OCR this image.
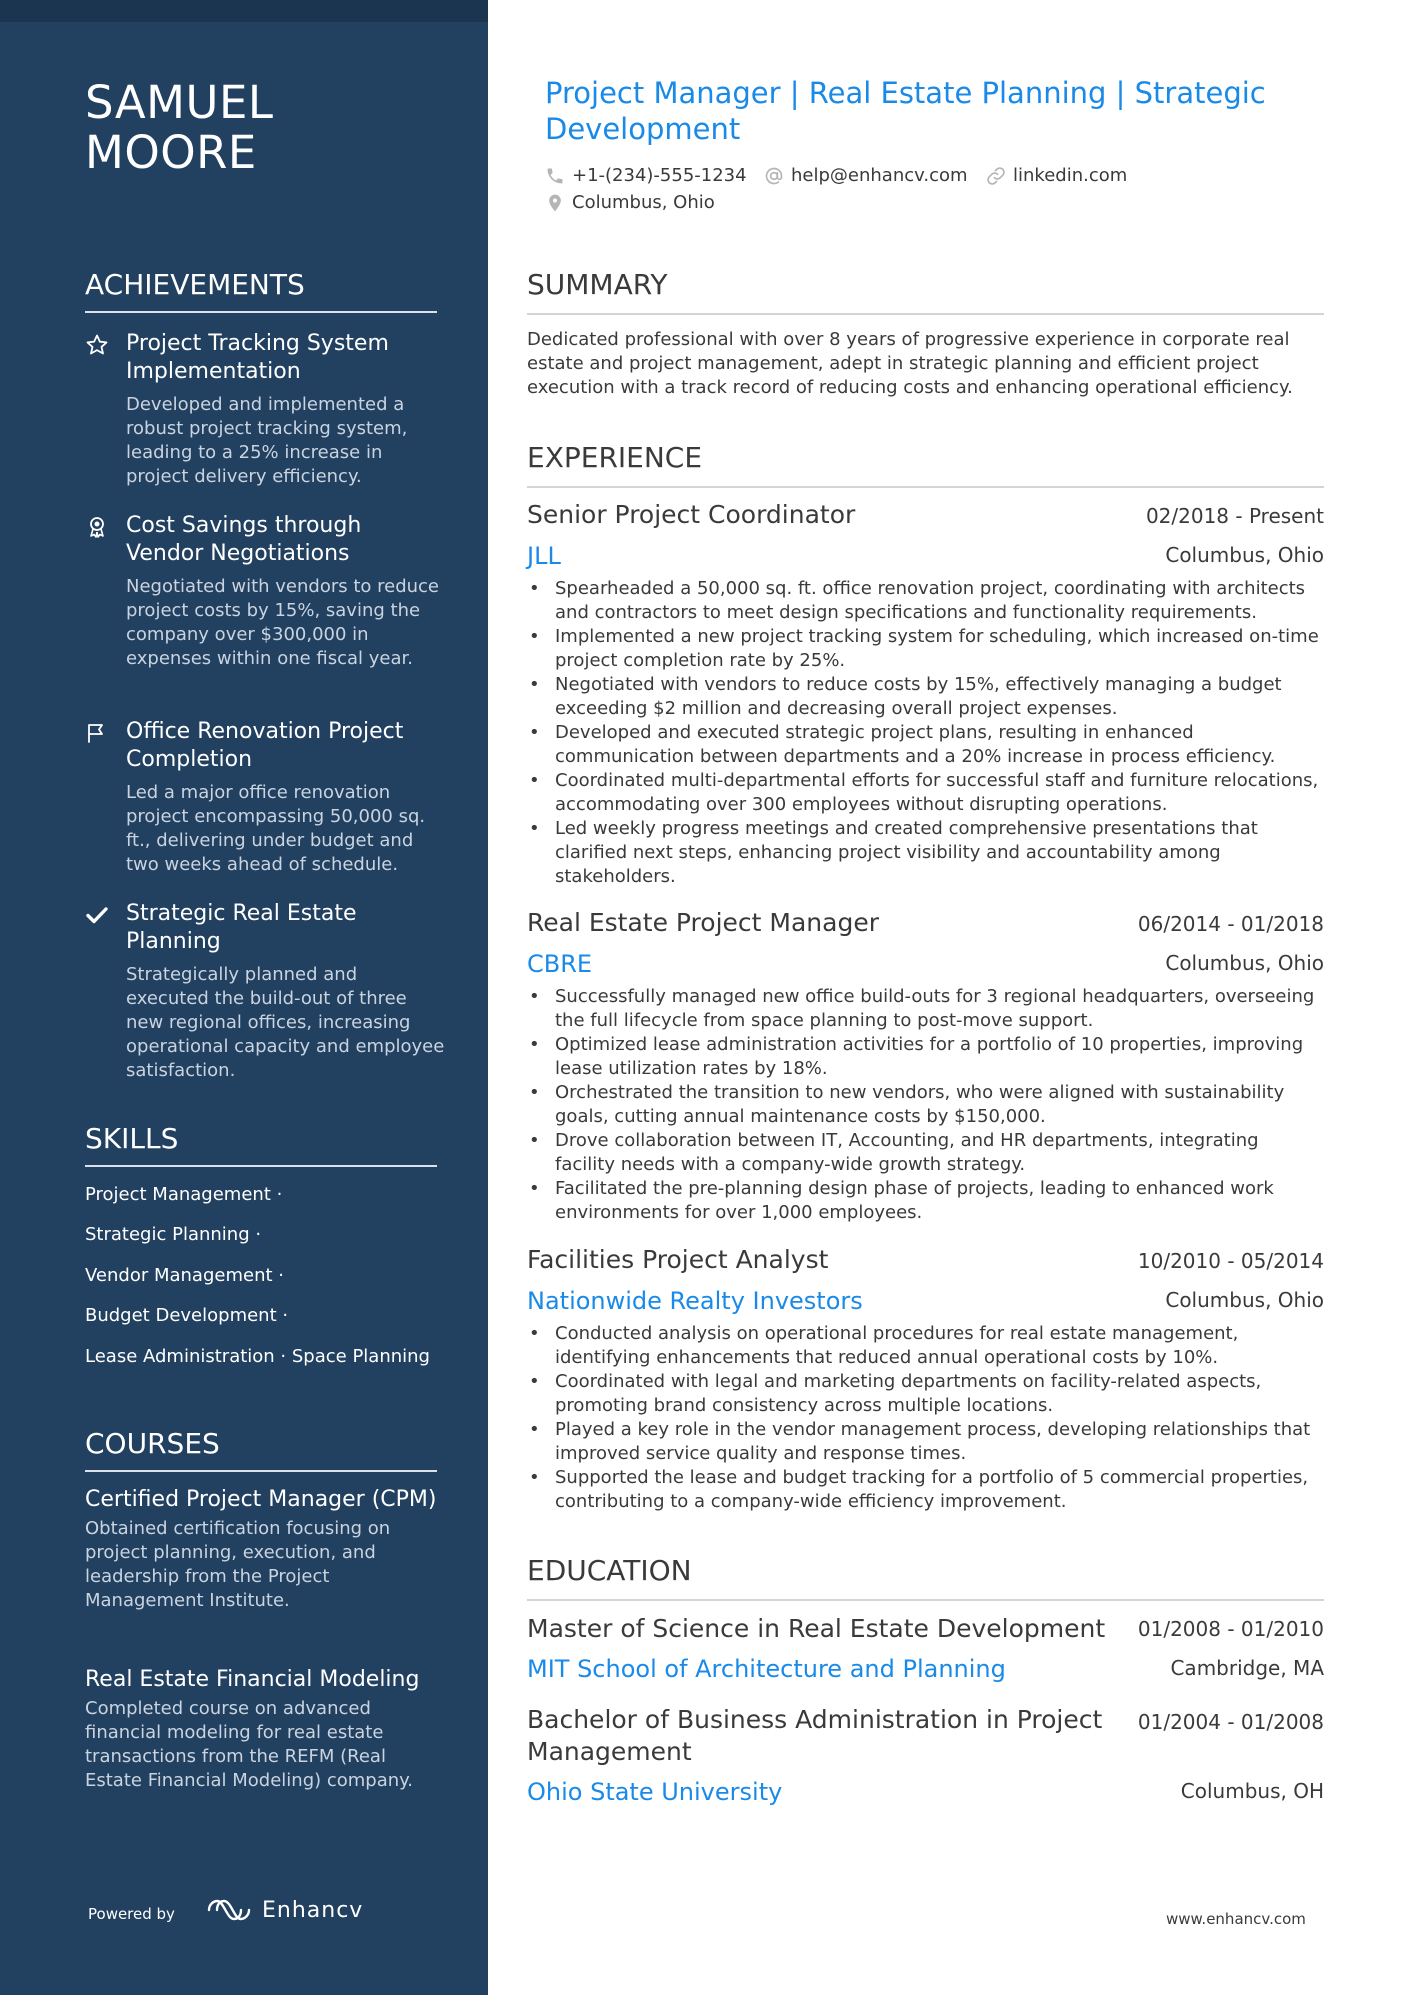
SAMUEL
MOORE
ACHIEVEMENTS
Project Tracking System Implementation
Developed and implemented a robust project tracking system, leading to a 25% increase in project delivery efficiency.
Cost Savings through Vendor Negotiations
Negotiated with vendors to reduce project costs by 15%, saving the company over $300,000 in expenses within one fiscal year.
Office Renovation Project Completion
Led a major office renovation project encompassing 50,000 sq. ft., delivering under budget and two weeks ahead of schedule.
Strategic Real Estate Planning
Strategically planned and executed the build-out of three new regional offices, increasing operational capacity and employee satisfaction.
SKILLS
Project Management ·
Strategic Planning ·
Vendor Management ·
Budget Development ·
Lease Administration · Space Planning
COURSES
Certified Project Manager (CPM)
Obtained certification focusing on project planning, execution, and leadership from the Project Management Institute.
Real Estate Financial Modeling
Completed course on advanced financial modeling for real estate transactions from the REFM (Real Estate Financial Modeling) company.
Powered by	Enhancv
Project Manager | Real Estate Planning | Strategic Development
+1-(234)-555-1234 help@enhancv.com	linkedin.com
Columbus, Ohio
SUMMARY
Dedicated professional with over 8 years of progressive experience in corporate real estate and project management, adept in strategic planning and efficient project execution with a track record of reducing costs and enhancing operational efficiency.
EXPERIENCE
Senior Project Coordinator	02/2018 - Present
JLL	Columbus, Ohio
• Spearheaded a 50,000 sq. ft. office renovation project, coordinating with architects and contractors to meet design specifications and functionality requirements.
• Implemented a new project tracking system for scheduling, which increased on-time project completion rate by 25%.
• Negotiated with vendors to reduce costs by 15%, effectively managing a budget exceeding $2 million and decreasing overall project expenses.
• Developed and executed strategic project plans, resulting in enhanced communication between departments and a 20% increase in process efficiency.
• Coordinated multi-departmental efforts for successful staff and furniture relocations, accommodating over 300 employees without disrupting operations.
• Led weekly progress meetings and created comprehensive presentations that clarified next steps, enhancing project visibility and accountability among stakeholders.
Real Estate Project Manager	06/2014 - 01/2018
CBRE	Columbus, Ohio
• Successfully managed new office build-outs for 3 regional headquarters, overseeing the full lifecycle from space planning to post-move support.
• Optimized lease administration activities for a portfolio of 10 properties, improving lease utilization rates by 18%.
• Orchestrated the transition to new vendors, who were aligned with sustainability goals, cutting annual maintenance costs by $150,000.
• Drove collaboration between IT, Accounting, and HR departments, integrating facility needs with a company-wide growth strategy.
• Facilitated the pre-planning design phase of projects, leading to enhanced work environments for over 1,000 employees.
Facilities Project Analyst	10/2010 - 05/2014
Nationwide Realty Investors	Columbus, Ohio
• Conducted analysis on operational procedures for real estate management, identifying enhancements that reduced annual operational costs by 10%.
• Coordinated with legal and marketing departments on facility-related aspects, promoting brand consistency across multiple locations.
• Played a key role in the vendor management process, developing relationships that improved service quality and response times.
• Supported the lease and budget tracking for a portfolio of 5 commercial properties, contributing to a company-wide efficiency improvement.
EDUCATION
Master of Science in Real Estate Development 01/2008 - 01/2010
MIT School of Architecture and Planning	Cambridge, MA
Bachelor of Business Administration in Project Management
01/2004 - 01/2008
Ohio State University	Columbus, OH
www.enhancv.com
